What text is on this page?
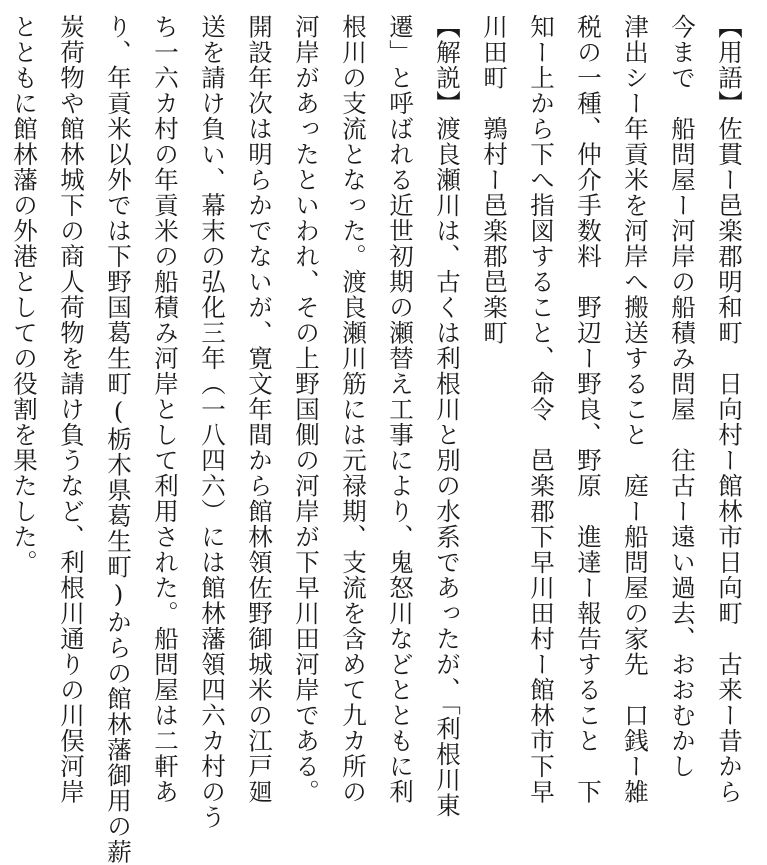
【用語】佐貫ー邑楽郡明和町　日向村ー館林市日向町　古来ー昔から
今まで　船問屋ー河岸の船積み問屋　往古ー遠い過去、おおむかし
津出シー年貢米を河岸へ搬送すること　庭ー船問屋の家先　口銭ー雑
税の一種、仲介手数料　野辺ー野良、野原　進達ー報告すること　下
知ー上から下へ指図すること、命令　邑楽郡下早川田村ー館林市下早
川田町　鶉村ー邑楽郡邑楽町
【解説】渡良瀬川は、古くは利根川と別の水系であったが、「利根川東
遷」と呼ばれる近世初期の瀬替え工事により、鬼怒川などとともに利
根川の支流となった。渡良瀬川筋には元禄期、支流を含めて九カ所の
河岸があったといわれ、その上野国側の河岸が下早川田河岸である。
開設年次は明らかでないが、寛文年間から館林領佐野御城米の江戸廻
送を請け負い、幕末の弘化三年（一八四六）には館林藩領四六カ村のう
ち一六カ村の年貢米の船積み河岸として利用された。船問屋は二軒あ
り、年貢米以外では下野国葛生町(栃木県葛生町)からの館林藩御用の薪
炭荷物や館林城下の商人荷物を請け負うなど、利根川通りの川俣河岸
とともに館林藩の外港としての役割を果たした。
